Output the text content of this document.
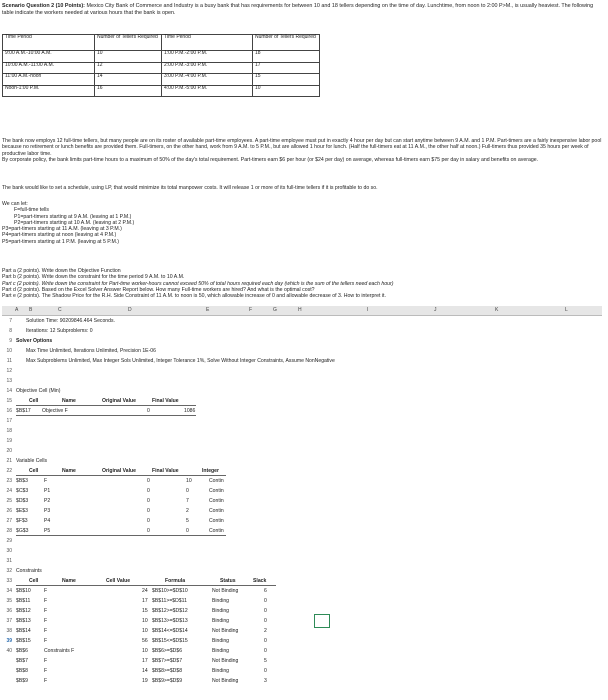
Scenario Question 2 (10 Points): Mexico City Bank of Commerce and Industry is a busy bank that has requirements for between 10 and 18 tellers depending on the time of day. Lunchtime, from noon to 2:00 P>M., is usually heaviest. The following table indicate the workers needed at various hours that the bank is open.
Time Period	Number of Tellers Required	Time Period	Number of Tellers Required
9:00 A.M.-10:00 A.M.	10	1:00 P.M.-2:00 P.M.	18
10:00 A.M.-11:00 A.M.	12	2:00 P.M.-3:00 P.M.	17
11:00 A.M.-noon	14	3:00 P.M.-4:00 P.M.	15
Noon-1:00 P.M.	16	4:00 P.M.-5:00 P.M.	10
The bank now employs 12 full-time tellers, but many people are on its roster of available part-time employees. A part-time employee must put in exactly 4 hour per day but can start anytime between 9 A.M. and 1 P.M. Part-timers are a fairly inexpensive labor pool because no retirement or lunch benefits are provided them. Full-timers, on the other hand, work from 9 A.M. to 5 P.M., but are allowed 1 hour for lunch. (Half the full-timers eat at 11 A.M., the other half at noon.) Full-timers thus provided 35 hours per week of productive labor time.
By corporate policy, the bank limits part-time hours to a maximum of 50% of the day's total requirement. Part-timers earn $6 per hour (or $24 per day) on average, whereas full-timers earn $75 per day in salary and benefits on average.
The bank would like to set a schedule, using LP, that would minimize its total manpower costs. It will release 1 or more of its full-time tellers if it is profitable to do so.
We can let:
F=full-time tells
P1=part-timers starting at 9 A.M. (leaving at 1 P.M.)
P2=part-timers starting at 10 A.M. (leaving at 2 P.M.)
P3=part-timers starting at 11 A.M. (leaving at 3 P.M.)
P4=part-timers starting at noon (leaving at 4 P.M.)
P5=part-timers starting at 1 P.M. (leaving at 5 P.M.)
Part a (2 points). Write down the Objective Function
Part b (2 points). Write down the constraint for the time period 9 A.M. to 10 A.M.
Part c (2 points). Write down the constraint for Part-time worker-hours cannot exceed 50% of total hours required each day (which is the sum of the tellers need each hour)
Part d (2 points). Based on the Excel Solver Answer Report below. How many Full-time workers are hired? And what is the optimal cost?
Part e (2 points). The Shadow Price for the R.H. Side Constraint of 11 A.M. to noon is 50, which allowable increase of 0 and allowable decrease of 3. How to interpret it.
A B	C	D	E	F	G	H	I	J	K	L
7
8
9
10
11
12
13
14
15
16
17
18
19
20
21
22
23
24
25
26
27
28
29
30
31
32
33
34
35
36
37
38
39
40
Solution Time: 90209846.464 Seconds.
Iterations: 12 Subproblems: 0
Solver Options
Max Time Unlimited, Iterations Unlimited, Precision 1E-06
Max Subproblems Unlimited, Max Integer Sols Unlimited, Integer Tolerance 1%, Solve Without Integer Constraints, Assume NonNegative
Objective Cell (Min)
Cell	Name	Original Value	Final Value
$B$17 Objective F	0	1086
Variable Cells
Cell	Name	Original Value	Final Value	Integer
$B$3	F	0	10	Contin
$C$3	P1	0	0	Contin
$D$3	P2	0	7	Contin
$E$3	P3	0	2	Contin
$F$3	P4	0	5	Contin
$G$3	P5	0	0	Contin
Constraints
Cell	Name	Cell Value	Formula	Status	Slack
$B$10	F	24 $B$10>=$D$10	Not Binding	6
$B$11	F	17 $B$11>=$D$11	Binding	0
$B$12	F	15 $B$12>=$D$12	Binding	0
$B$13	F	10 $B$13>=$D$13	Binding	0
$B$14	F	10 $B$14<=$D$14	Not Binding	2
$B$15	F	56 $B$15<=$D$15	Binding	0
$B$6	Constraints F	10 $B$6>=$D$6	Binding	0
$B$7	F	17 $B$7>=$D$7	Not Binding	5
$B$8	F	14 $B$8>=$D$8	Binding	0
$B$9	F	19 $B$9>=$D$9	Not Binding	3
